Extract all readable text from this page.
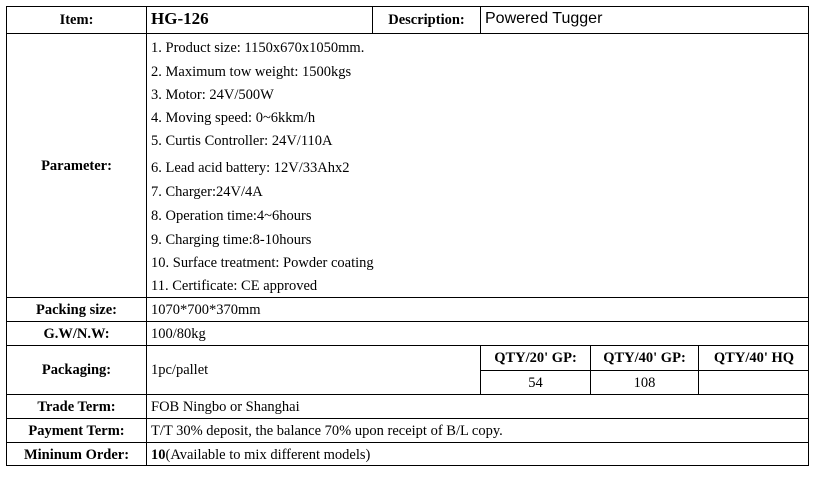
Item:	HG-126	Description:	Powered Tugger
Parameter:
1. Product size: 1150x670x1050mm.
2. Maximum tow weight: 1500kgs
3. Motor: 24V/500W
4. Moving speed: 0~6kkm/h
5. Curtis Controller: 24V/110A
6. Lead acid battery: 12V/33Ahx2
7. Charger:24V/4A
8. Operation time:4~6hours
9. Charging time:8-10hours
10. Surface treatment: Powder coating
11. Certificate: CE approved
Packing size:	1070*700*370mm
G.W/N.W:	100/80kg
Packaging:	1pc/pallet
QTY/20' GP:	QTY/40' GP:	QTY/40' HQ
54	108
Trade Term:	FOB Ningbo or Shanghai
Payment Term:	T/T 30% deposit, the balance 70% upon receipt of B/L copy.
Mininum Order:	10(Available to mix different models)
